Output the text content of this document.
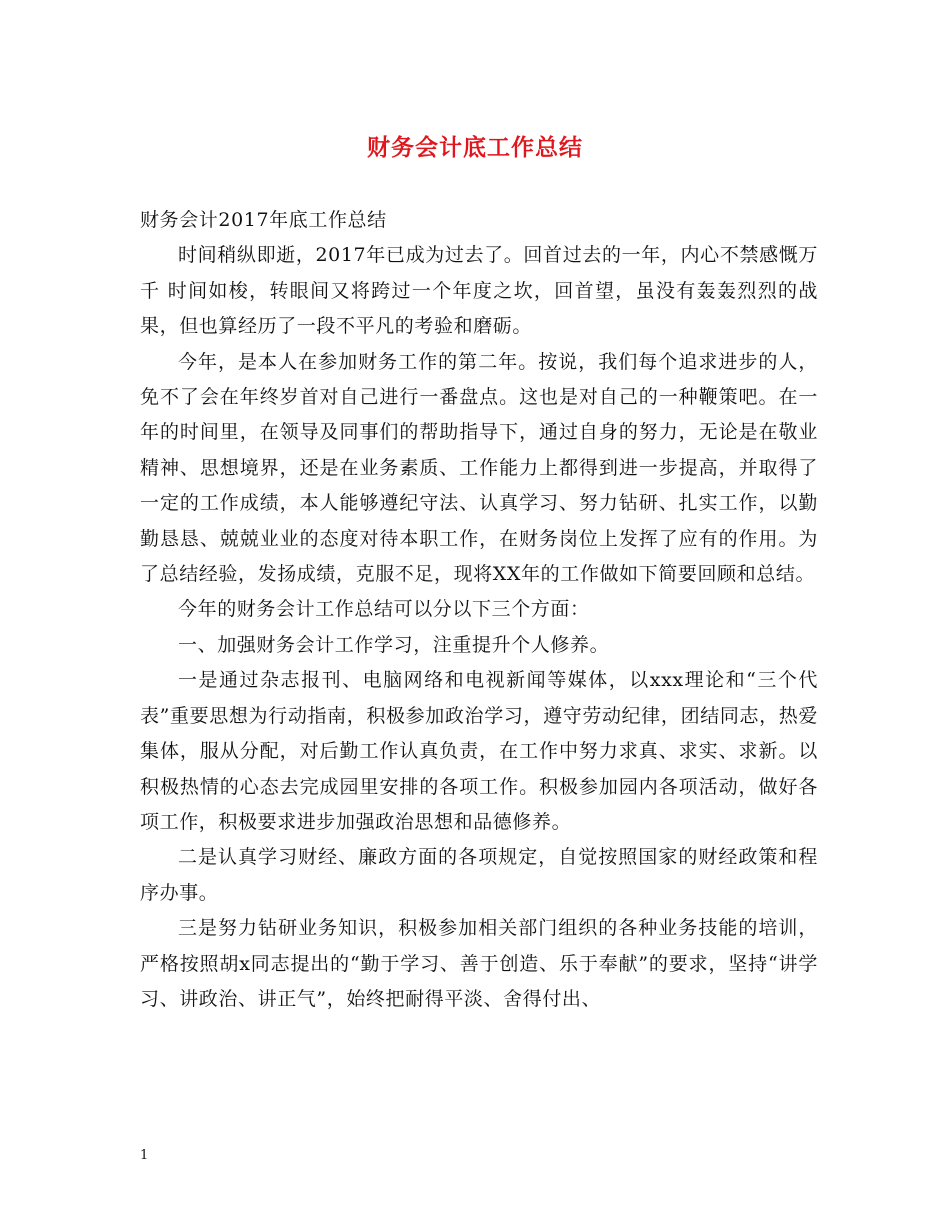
财务会计底工作总结

财务会计2017年底工作总结

时间稍纵即逝，2017年已成为过去了。回首过去的一年，内心不禁感慨万千 时间如梭，转眼间又将跨过一个年度之坎，回首望，虽没有轰轰烈烈的战果，但也算经历了一段不平凡的考验和磨砺。

今年，是本人在参加财务工作的第二年。按说，我们每个追求进步的人，免不了会在年终岁首对自己进行一番盘点。这也是对自己的一种鞭策吧。在一年的时间里，在领导及同事们的帮助指导下，通过自身的努力，无论是在敬业精神、思想境界，还是在业务素质、工作能力上都得到进一步提高，并取得了一定的工作成绩，本人能够遵纪守法、认真学习、努力钻研、扎实工作，以勤勤恳恳、兢兢业业的态度对待本职工作，在财务岗位上发挥了应有的作用。为了总结经验，发扬成绩，克服不足，现将XX年的工作做如下简要回顾和总结。

今年的财务会计工作总结可以分以下三个方面：

一、加强财务会计工作学习，注重提升个人修养。

一是通过杂志报刊、电脑网络和电视新闻等媒体，以xxx理论和“三个代表”重要思想为行动指南，积极参加政治学习，遵守劳动纪律，团结同志，热爱集体，服从分配，对后勤工作认真负责，在工作中努力求真、求实、求新。以积极热情的心态去完成园里安排的各项工作。积极参加园内各项活动，做好各项工作，积极要求进步加强政治思想和品德修养。

二是认真学习财经、廉政方面的各项规定，自觉按照国家的财经政策和程序办事。

三是努力钻研业务知识，积极参加相关部门组织的各种业务技能的培训，严格按照胡x同志提出的“勤于学习、善于创造、乐于奉献”的要求，坚持“讲学习、讲政治、讲正气”，始终把耐得平淡、舍得付出、

1
